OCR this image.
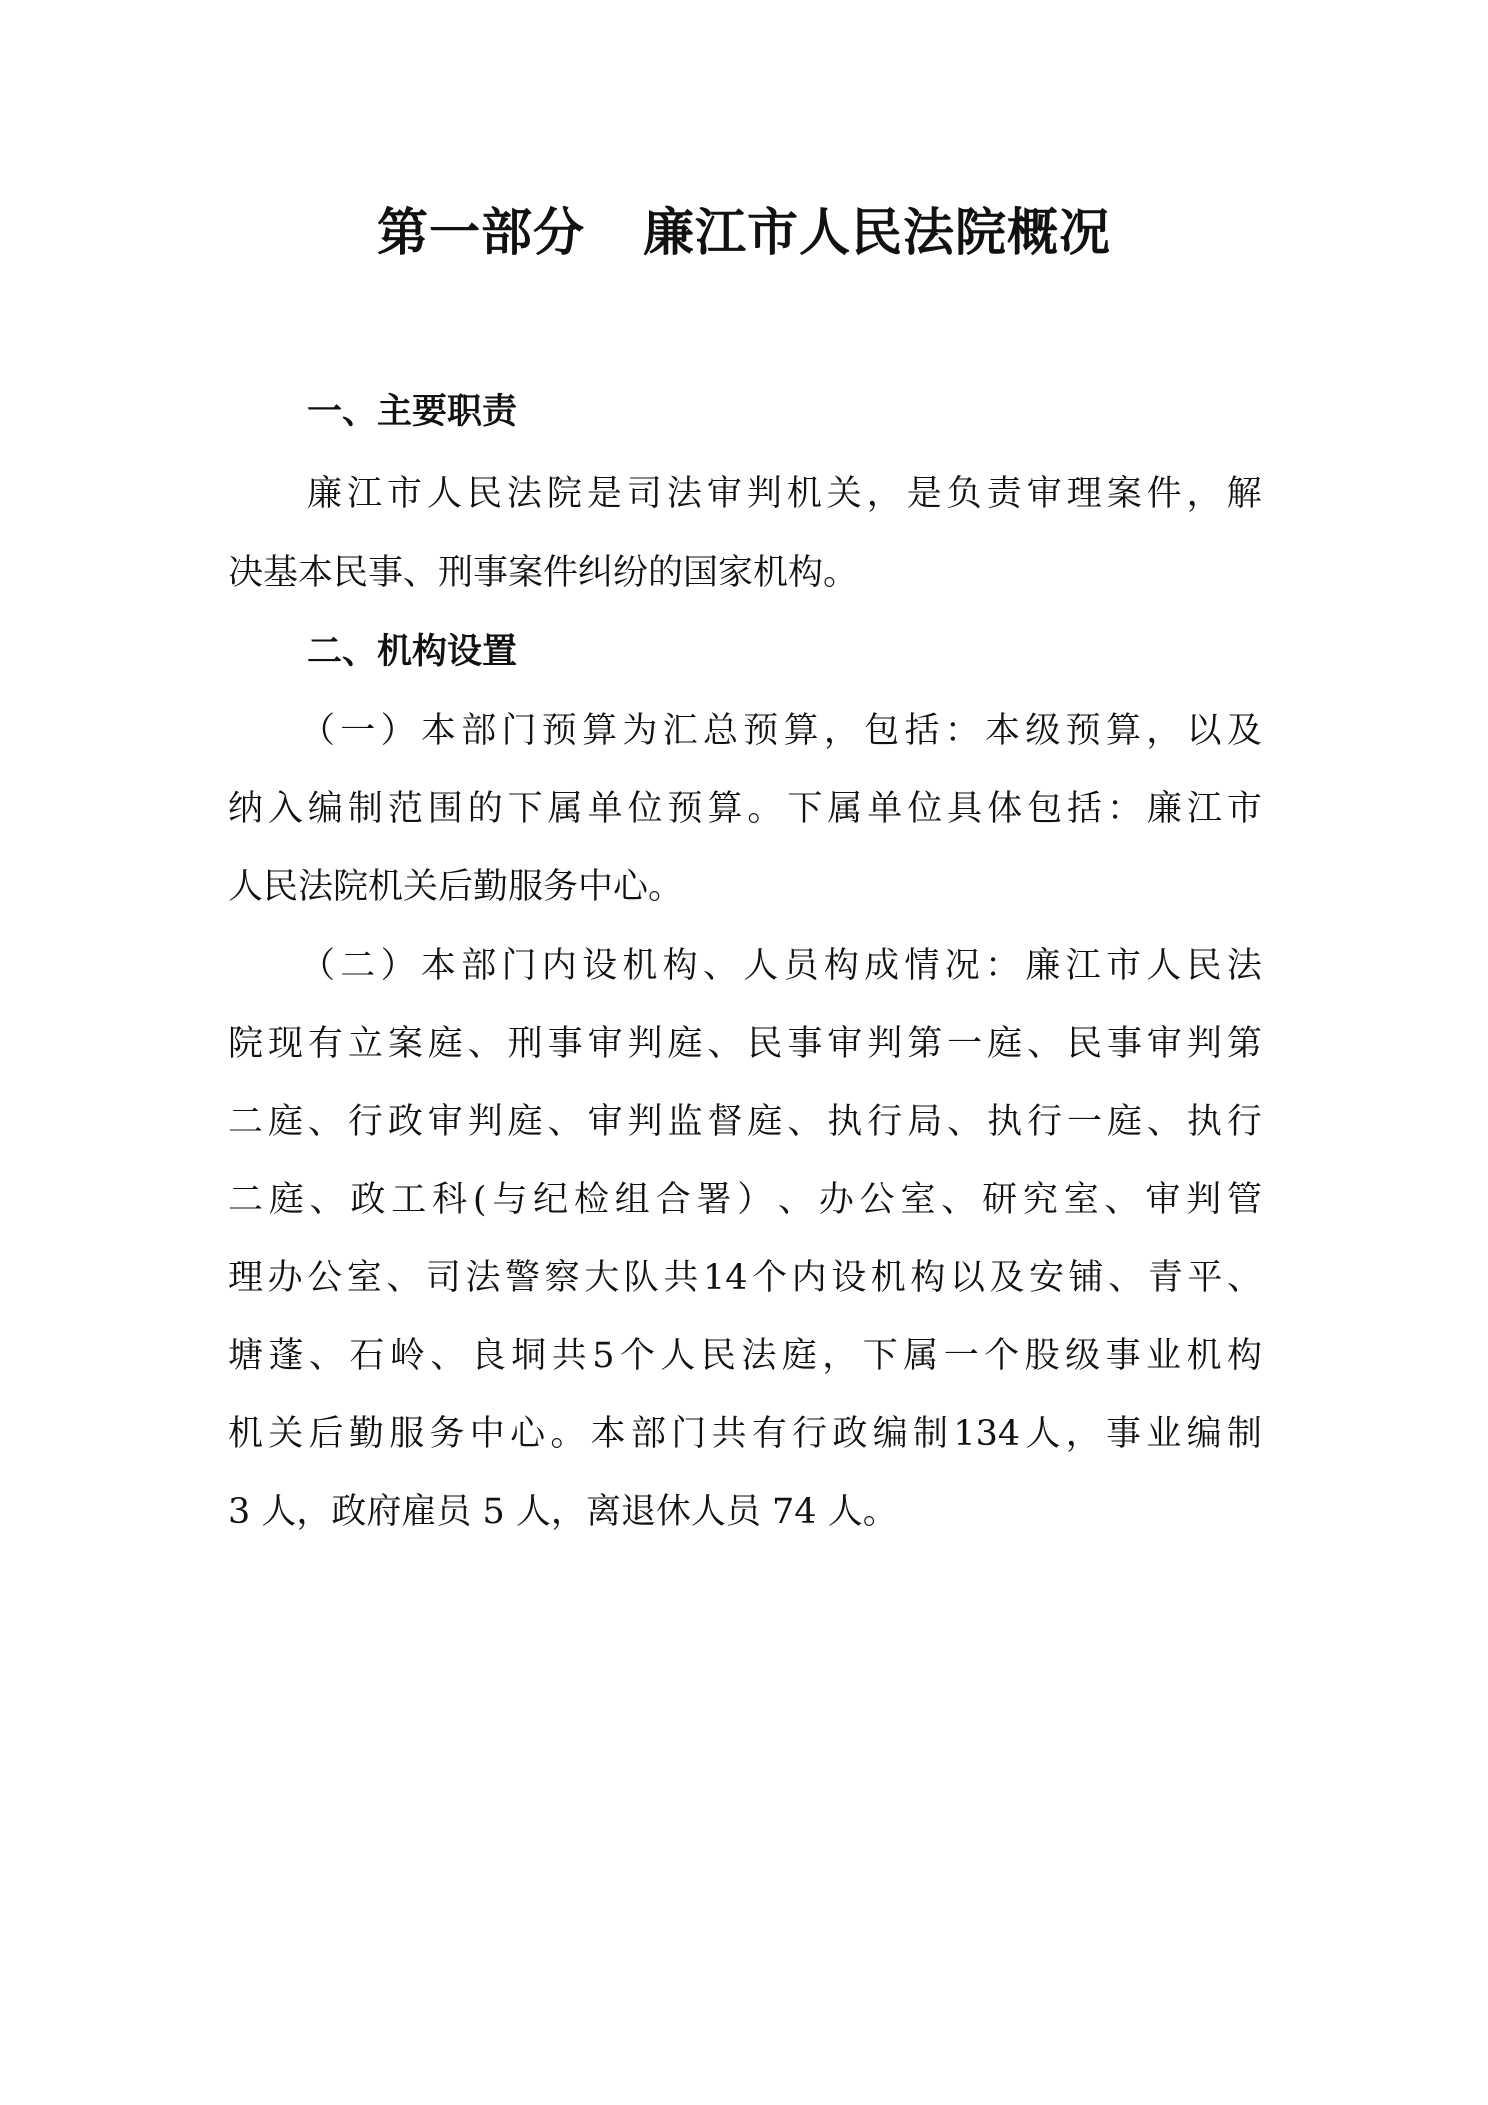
第一部分 廉江市人民法院概况
一、主要职责

廉 江 市 人 民 法 院 是 司 法 审 判 机 关 ， 是 负 责 审 理 案 件 ， 解

决基本民事、刑事案件纠纷的国家机构。

二、机构设置

（ 一 ） 本 部 门 预 算 为 汇 总 预 算 ， 包 括 ： 本 级 预 算 ， 以 及

纳 入 编 制 范 围 的 下 属 单 位 预 算 。 下 属 单 位 具 体 包 括 ： 廉 江 市

人民法院机关后勤服务中心。

（ 二 ） 本 部 门 内 设 机 构 、 人 员 构 成 情 况 ： 廉 江 市 人 民 法

院 现 有 立 案 庭 、 刑 事 审 判 庭 、 民 事 审 判 第 一 庭 、 民 事 审 判 第

二 庭 、 行 政 审 判 庭 、 审 判 监 督 庭 、 执 行 局 、 执 行 一 庭 、 执 行

二 庭 、 政 工 科 ( 与 纪 检 组 合 署 ） 、 办 公 室 、 研 究 室 、 审 判 管

理 办 公 室 、 司 法 警 察 大 队 共 14 个 内 设 机 构 以 及 安 铺 、 青 平 、

塘 蓬 、 石 岭 、 良 垌 共 5 个 人 民 法 庭 ， 下 属 一 个 股 级 事 业 机 构

机 关 后 勤 服 务 中 心 。 本 部 门 共 有 行 政 编 制 134 人 ， 事 业 编 制

3 人，政府雇员 5 人，离退休人员 74 人。
